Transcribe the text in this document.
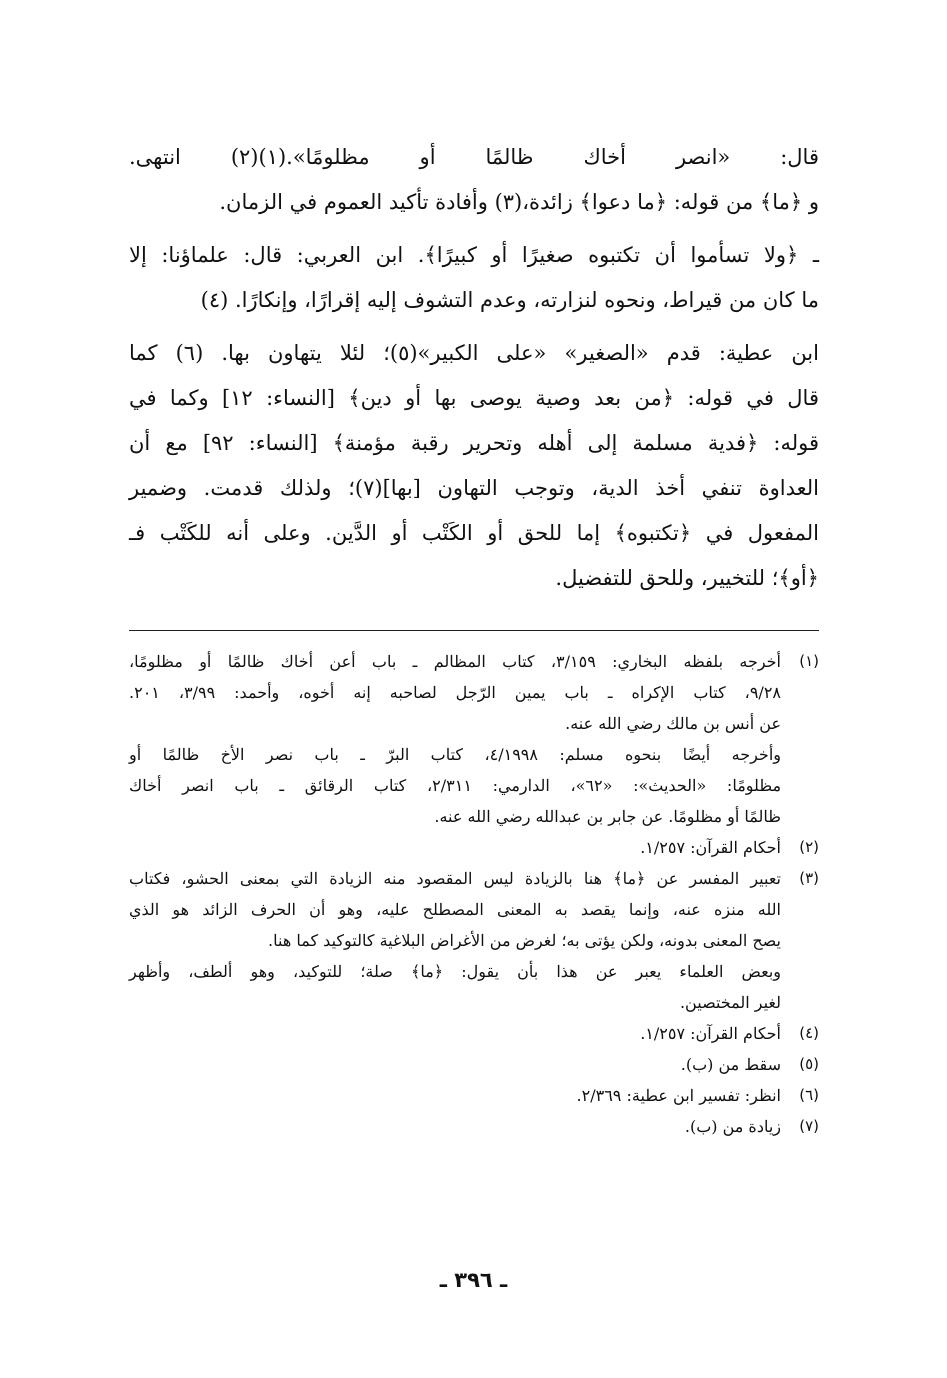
قال: «انصر أخاك ظالمًا أو مظلومًا».(١)(٢) انتهى.
و ﴿ما﴾ من قوله: ﴿ما دعوا﴾ زائدة،(٣) وأفادة تأكيد العموم في الزمان.
ـ ﴿ولا تسأموا أن تكتبوه صغيرًا أو كبيرًا﴾. ابن العربي: قال: علماؤنا: إلا
ما كان من قيراط، ونحوه لنزارته، وعدم التشوف إليه إقرارًا، وإنكارًا. (٤)
ابن عطية: قدم «الصغير» «على الكبير»(٥)؛ لئلا يتهاون بها. (٦) كما
قال في قوله: ﴿من بعد وصية يوصى بها أو دين﴾ [النساء: ١٢] وكما في
قوله: ﴿فدية مسلمة إلى أهله وتحرير رقبة مؤمنة﴾ [النساء: ٩٢] مع أن
العداوة تنفي أخذ الدية، وتوجب التهاون [بها](٧)؛ ولذلك قدمت. وضمير
المفعول في ﴿تكتبوه﴾ إما للحق أو الكَتْب أو الدَّين. وعلى أنه للكَتْب فـ
﴿أو﴾؛ للتخيير، وللحق للتفضيل.
(١)
أخرجه بلفظه البخاري: ٣/١٥٩، كتاب المظالم ـ باب أعن أخاك ظالمًا أو مظلومًا،
٩/٢٨، كتاب الإكراه ـ باب يمين الرّجل لصاحبه إنه أخوه، وأحمد: ٣/٩٩، ٢٠١.
عن أنس بن مالك رضي الله عنه.
وأخرجه أيضًا بنحوه مسلم: ٤/١٩٩٨، كتاب البرّ ـ باب نصر الأخ ظالمًا أو
مظلومًا: «الحديث»: «٦٢»، الدارمي: ٢/٣١١، كتاب الرقائق ـ باب انصر أخاك
ظالمًا أو مظلومًا. عن جابر بن عبدالله رضي الله عنه.
(٢)
أحكام القرآن: ١/٢٥٧.
(٣)
تعبير المفسر عن ﴿ما﴾ هنا بالزيادة ليس المقصود منه الزيادة التي بمعنى الحشو، فكتاب
الله منزه عنه، وإنما يقصد به المعنى المصطلح عليه، وهو أن الحرف الزائد هو الذي
يصح المعنى بدونه، ولكن يؤتى به؛ لغرض من الأغراض البلاغية كالتوكيد كما هنا.
وبعض العلماء يعبر عن هذا بأن يقول: ﴿ما﴾ صلة؛ للتوكيد، وهو ألطف، وأظهر
لغير المختصين.
(٤)
أحكام القرآن: ١/٢٥٧.
(٥)
سقط من (ب).
(٦)
انظر: تفسير ابن عطية: ٢/٣٦٩.
(٧)
زيادة من (ب).
ـ ٣٩٦ ـ
